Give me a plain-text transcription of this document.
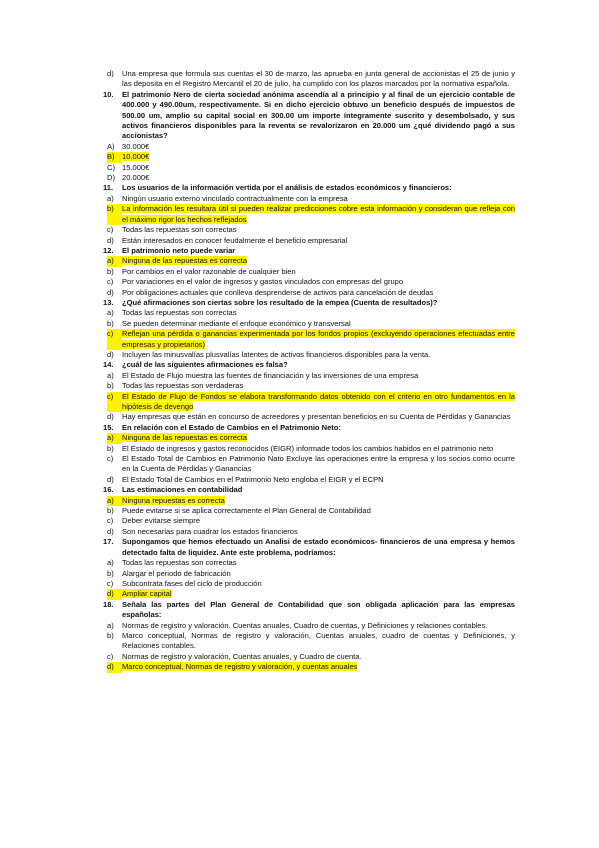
d)	Una empresa que formula sus cuentas el 30 de marzo, las aprueba en junta general de accionistas el 25 de junio y las deposita en el Registro Mercantil el 20 de julio, ha cumplido con los plazos marcados por la normativa española.
10.	El patrimonio Nero de cierta sociedad anónima ascendía al a principio y al final de un ejercicio contable de 400.000 y 490.00um, respectivamente. Si en dicho ejercicio obtuvo un beneficio después de impuestos de 500.00 um, amplio su capital social en 300.00 um importe íntegramente suscrito y desembolsado, y sus activos financieros disponibles para la reventa se revalorizaron en 20.000 um ¿qué dividendo pagó a sus accionistas?
A) 30.000€
B) 10.000€
C) 15.000€
D) 20.000€
11.	Los usuarios de la información vertida por el análisis de estados económicos y financieros:
a)	Ningún usuario externo vinculado contractualmente con la empresa
b)	La información les resultara útil si pueden realizar predicciones cobre esta información y consideran que refleja con el máximo rigor los hechos reflejados
c)	Todas las repuestas son correctas
d)	Están interesados en conocer feudalmente el beneficio empresarial
12.	El patrimonio neto puede variar
a)	Ninguna de las repuestas es correcta
b)	Por cambios en el valor razonable de cualquier bien
c)	Por variaciones en el valor de ingresos y gastos vinculados con empresas del grupo
d)	Por obligaciones actuales que conlleva desprenderse de activos para cancelación de deudas
13.	¿Qué afirmaciones son ciertas sobre los resultado de la empea (Cuenta de resultados)?
a)	Todas las repuestas son correctas
b)	Se pueden determinar mediante el enfoque económico y transversal
c)	Reflejan una pérdida o ganancias experimentada por los fondos propios (excluyendo operaciones efectuadas entre empresas y propietarios)
d)	Incluyen las minusvalías plusvalías latentes de activos financieros disponibles para la venta.
14.	¿cuál de las siguientes afirmaciones es falsa?
a)	El Estado de Flujo muestra las fuentes de financiación y las inversiones de una empresa
b)	Todas las repuestas son verdaderas
c)	El Estado de Flujo de Fondos se elabora transformando datos obtenido con el criterio en otro fundamentos en la hipótesis de devengo
d)	Hay empresas que están en concurso de acreedores y presentan beneficios en su Cuenta de Pérdidas y Ganancias
15.	En relación con el Estado de Cambios en el Patrimonio Neto:
a)	Ninguna de las repuestas es correcta
b)	El Estado de ingresos y gastos reconocidos (EIGR) informade todos los cambios habidos en el patrimonio neto
c)	El Estado Total de Cambios en Patrimonio Nato Excluye las operaciones entre la empresa y los socios como ocurre en la Cuenta de Pérdidas y Ganancias
d)	El Estado Total de Cambios en el Patrimonio Neto engloba el EIGR y el ECPN
16.	Las estimaciones en contabilidad
a)	Ninguna repuestas es correcta
b)	Puede evitarse si se aplica correctamente el Plan General de Contabilidad
c)	Deber evitarse siempre
d)	Son necesarias para cuadrar los estados financieros
17.	Supongamos que hemos efectuado un Analisi de estado económicos- financieros de una empresa y hemos detectado falta de liquidez. Ante este problema, podríamos:
a)	Todas las repuestas son correctas
b)	Alargar el periodo de fabricación
c)	Subcontrata fases del ciclo de producción
d)	Ampliar capital
18.	Señala las partes del Plan General de Contabilidad que son obligada aplicación para las empresas españolas:
a)	Normas de registro y valoración. Cuentas anuales, Cuadro de cuentas, y Definiciones y relaciones contables.
b)	Marco conceptual, Normas de registro y valoración, Cuentas anuales, cuadro de cuentas y Definiciones, y Relaciones contables.
c)	Normas de registro y valoración, Cuentas anuales, y Cuadro de cuenta.
d)	Marco conceptual, Normas de registro y valoración, y cuentas anuales
